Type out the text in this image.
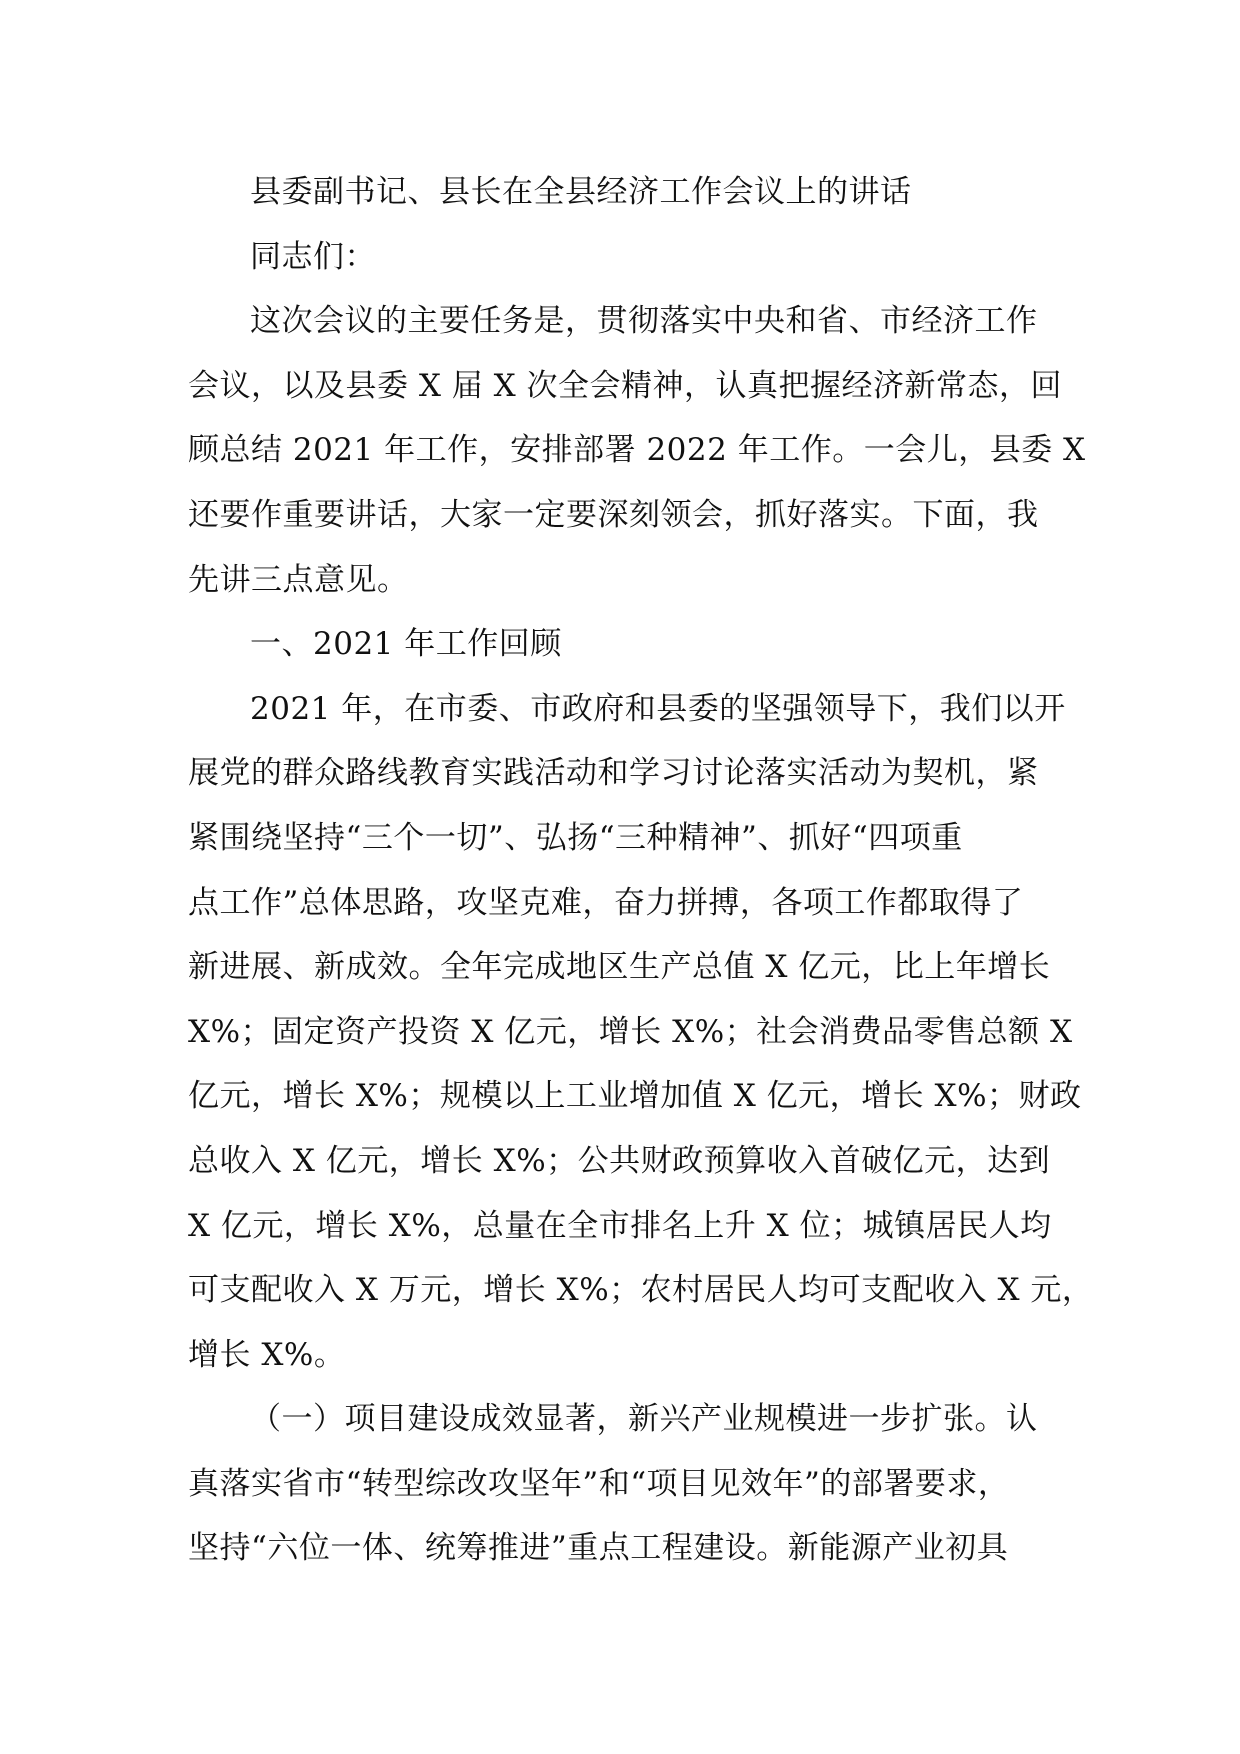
县委副书记、县长在全县经济工作会议上的讲话
同志们：
这次会议的主要任务是，贯彻落实中央和省、市经济工作
会议，以及县委 X 届 X 次全会精神，认真把握经济新常态，回
顾总结 2021 年工作，安排部署 2022 年工作。一会儿，县委 X
还要作重要讲话，大家一定要深刻领会，抓好落实。下面，我
先讲三点意见。
一、2021 年工作回顾
2021 年，在市委、市政府和县委的坚强领导下，我们以开
展党的群众路线教育实践活动和学习讨论落实活动为契机，紧
紧围绕坚持“三个一切”、弘扬“三种精神”、抓好“四项重
点工作”总体思路，攻坚克难，奋力拼搏，各项工作都取得了
新进展、新成效。全年完成地区生产总值 X 亿元，比上年增长
X%；固定资产投资 X 亿元，增长 X%；社会消费品零售总额 X
亿元，增长 X%；规模以上工业增加值 X 亿元，增长 X%；财政
总收入 X 亿元，增长 X%；公共财政预算收入首破亿元，达到
X 亿元，增长 X%，总量在全市排名上升 X 位；城镇居民人均
可支配收入 X 万元，增长 X%；农村居民人均可支配收入 X 元，
增长 X%。
（一）项目建设成效显著，新兴产业规模进一步扩张。认
真落实省市“转型综改攻坚年”和“项目见效年”的部署要求，
坚持“六位一体、统筹推进”重点工程建设。新能源产业初具
